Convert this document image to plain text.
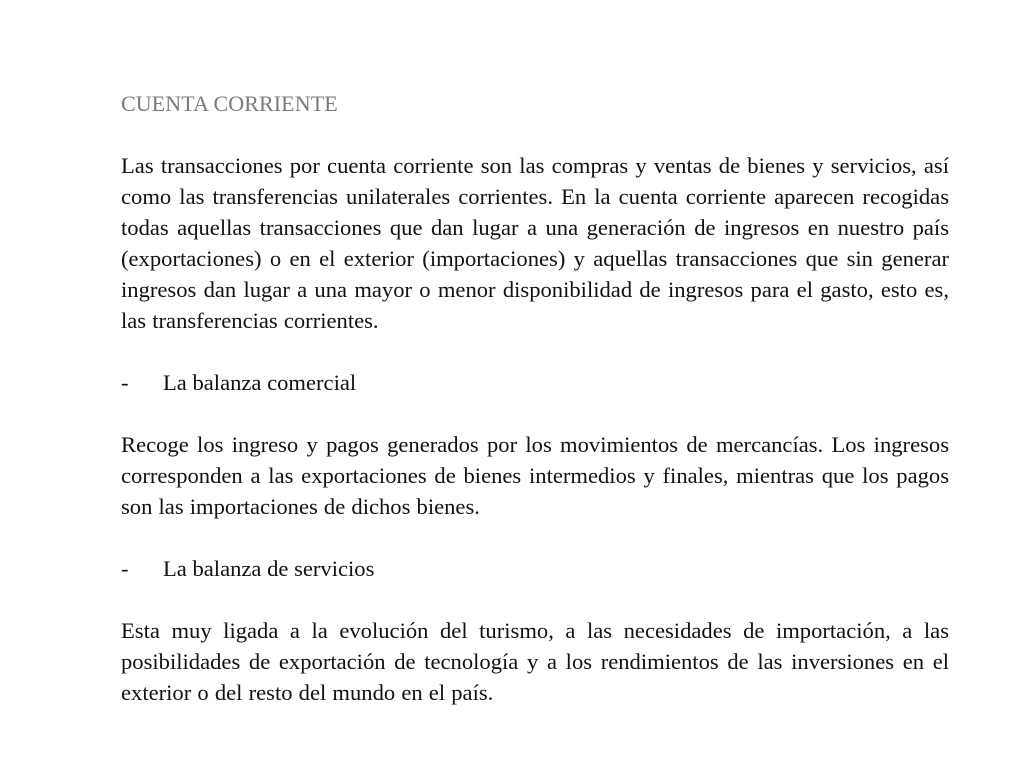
CUENTA CORRIENTE

Las transacciones por cuenta corriente son las compras y ventas de bienes y servicios, así como las transferencias unilaterales corrientes. En la cuenta corriente aparecen recogidas todas aquellas transacciones que dan lugar a una generación de ingresos en nuestro país (exportaciones) o en el exterior (importaciones) y aquellas transacciones que sin generar ingresos dan lugar a una mayor o menor disponibilidad de ingresos para el gasto, esto es, las transferencias corrientes.

-	La balanza comercial

Recoge los ingreso y pagos generados por los movimientos de mercancías. Los ingresos corresponden a las exportaciones de bienes intermedios y finales, mientras que los pagos son las importaciones de dichos bienes.

-	La balanza de servicios

Esta muy ligada a la evolución del turismo, a las necesidades de importación, a las posibilidades de exportación de tecnología y a los rendimientos de las inversiones en el exterior o del resto del mundo en el país.
